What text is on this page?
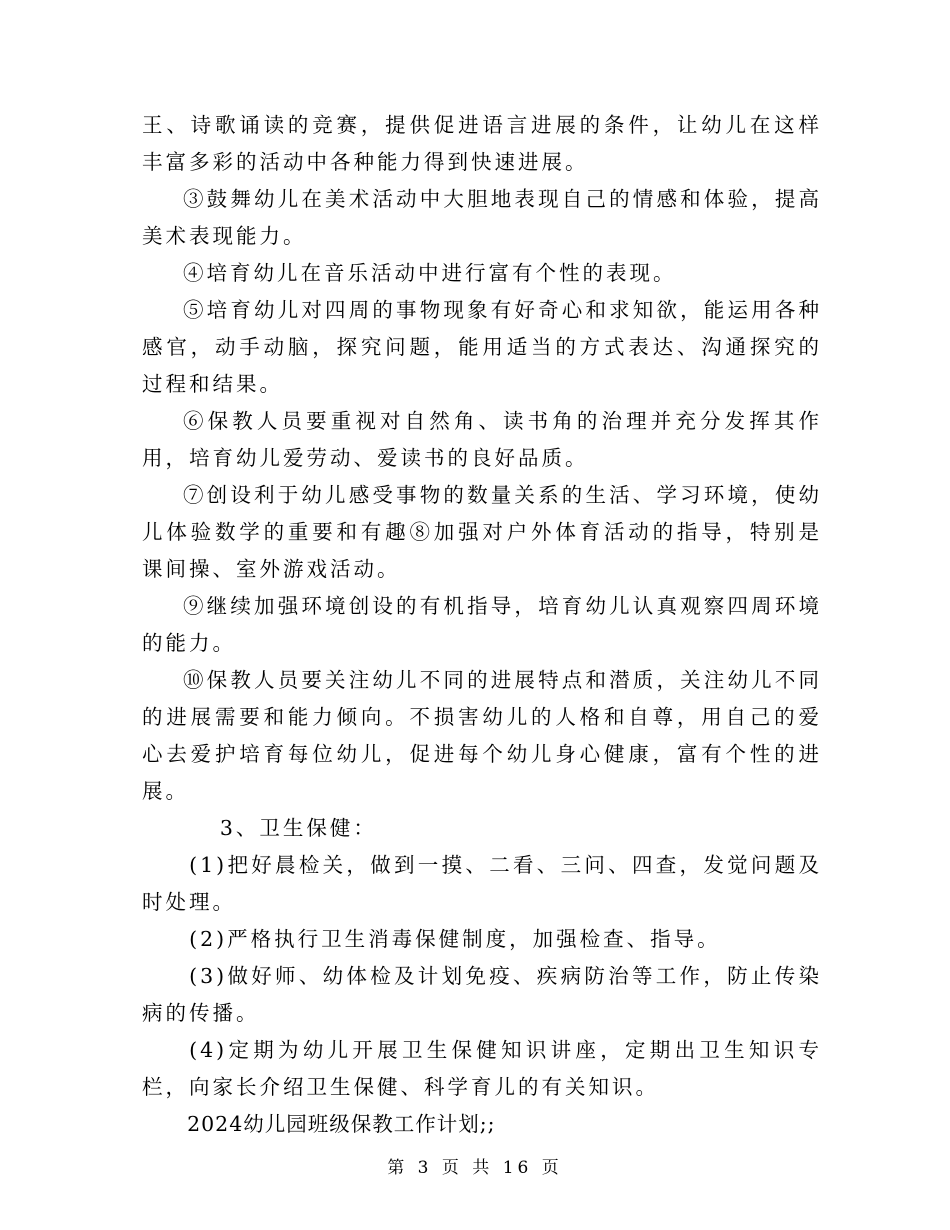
王、诗歌诵读的竞赛，提供促进语言进展的条件，让幼儿在这样丰富多彩的活动中各种能力得到快速进展。

③鼓舞幼儿在美术活动中大胆地表现自己的情感和体验，提高美术表现能力。

④培育幼儿在音乐活动中进行富有个性的表现。

⑤培育幼儿对四周的事物现象有好奇心和求知欲，能运用各种感官，动手动脑，探究问题，能用适当的方式表达、沟通探究的过程和结果。

⑥保教人员要重视对自然角、读书角的治理并充分发挥其作用，培育幼儿爱劳动、爱读书的良好品质。

⑦创设利于幼儿感受事物的数量关系的生活、学习环境，使幼儿体验数学的重要和有趣⑧加强对户外体育活动的指导，特别是课间操、室外游戏活动。

⑨继续加强环境创设的有机指导，培育幼儿认真观察四周环境的能力。

⑩保教人员要关注幼儿不同的进展特点和潜质，关注幼儿不同的进展需要和能力倾向。不损害幼儿的人格和自尊，用自己的爱心去爱护培育每位幼儿，促进每个幼儿身心健康，富有个性的进展。

3、卫生保健：

(1)把好晨检关，做到一摸、二看、三问、四查，发觉问题及时处理。

(2)严格执行卫生消毒保健制度，加强检查、指导。

(3)做好师、幼体检及计划免疫、疾病防治等工作，防止传染病的传播。

(4)定期为幼儿开展卫生保健知识讲座，定期出卫生知识专栏，向家长介绍卫生保健、科学育儿的有关知识。

2024幼儿园班级保教工作计划;;

第 3 页 共 16 页
